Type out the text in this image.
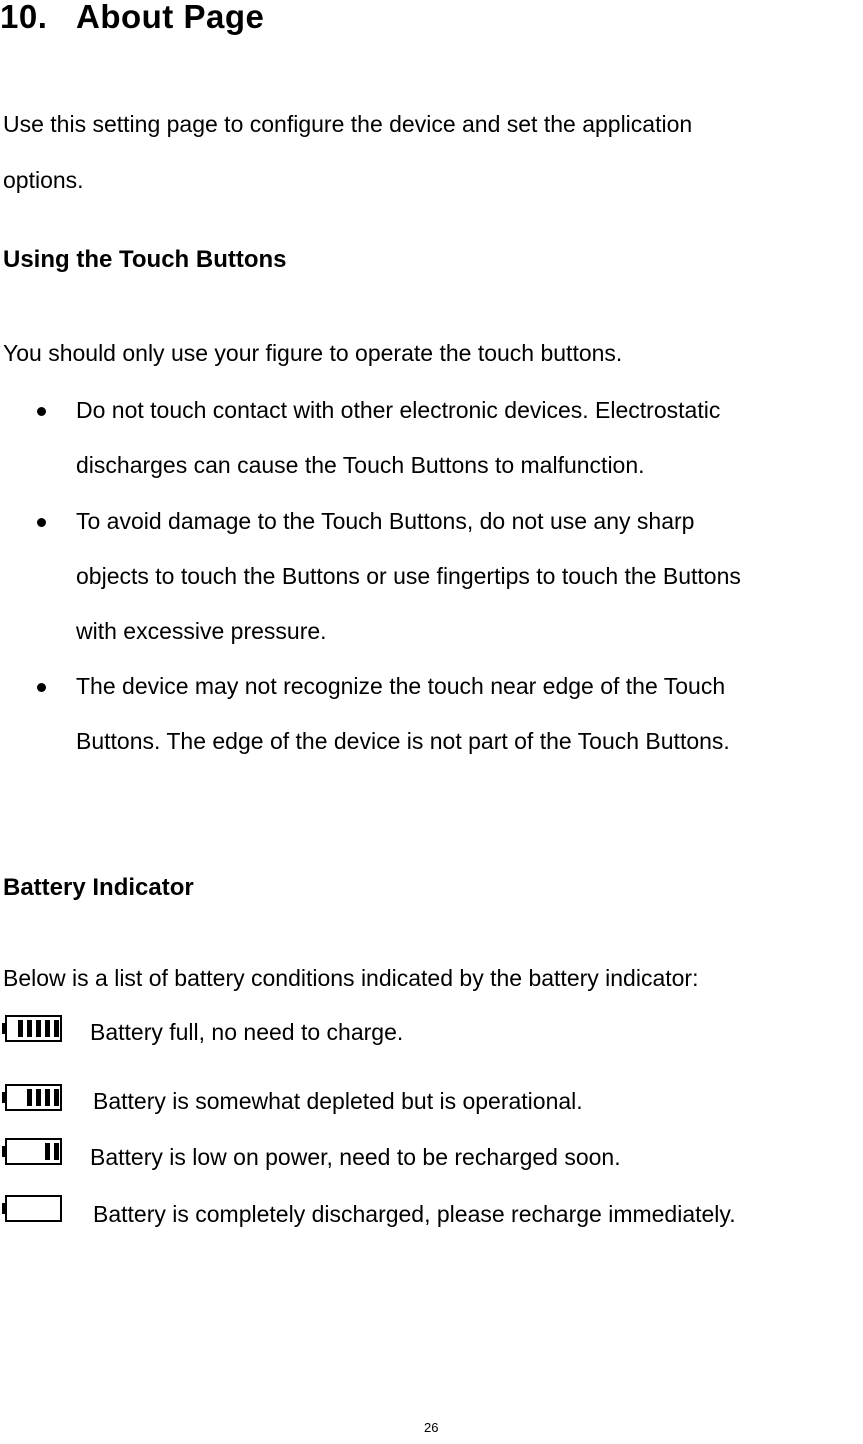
10. About Page
Use this setting page to configure the device and set the application
options.
Using the Touch Buttons
You should only use your figure to operate the touch buttons.
Do not touch contact with other electronic devices. Electrostatic
discharges can cause the Touch Buttons to malfunction.
To avoid damage to the Touch Buttons, do not use any sharp
objects to touch the Buttons or use fingertips to touch the Buttons
with excessive pressure.
The device may not recognize the touch near edge of the Touch
Buttons. The edge of the device is not part of the Touch Buttons.
Battery Indicator
Below is a list of battery conditions indicated by the battery indicator:
Battery full, no need to charge.
Battery is somewhat depleted but is operational.
Battery is low on power, need to be recharged soon.
Battery is completely discharged, please recharge immediately.
26
